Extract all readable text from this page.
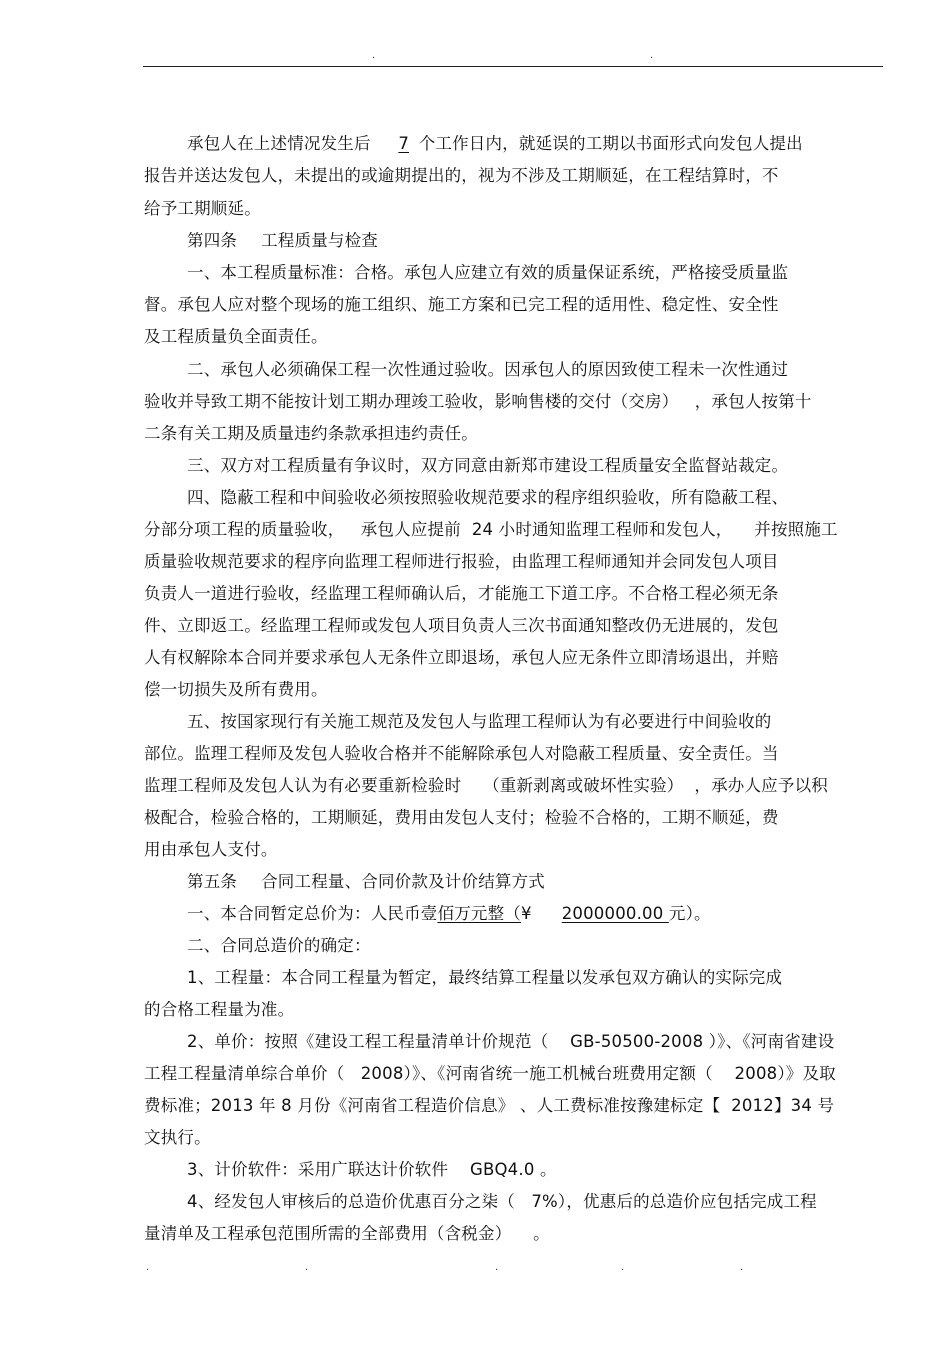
·	·
承包人在上述情况发生后 7 个工作日内，就延误的工期以书面形式向发包人提出
报告并送达发包人，未提出的或逾期提出的，视为不涉及工期顺延，在工程结算时，不
给予工期顺延。
第四条 工程质量与检查
一、本工程质量标准：合格。承包人应建立有效的质量保证系统，严格接受质量监
督。承包人应对整个现场的施工组织、施工方案和已完工程的适用性、稳定性、安全性
及工程质量负全面责任。
二、承包人必须确保工程一次性通过验收。因承包人的原因致使工程未一次性通过
验收并导致工期不能按计划工期办理竣工验收，影响售楼的交付（交房）   ，承包人按第十
二条有关工期及质量违约条款承担违约责任。
三、双方对工程质量有争议时，双方同意由新郑市建设工程质量安全监督站裁定。
四、隐蔽工程和中间验收必须按照验收规范要求的程序组织验收，所有隐蔽工程、
分部分项工程的质量验收，   承包人应提前  24 小时通知监理工程师和发包人，    并按照施工
质量验收规范要求的程序向监理工程师进行报验，由监理工程师通知并会同发包人项目
负责人一道进行验收，经监理工程师确认后，才能施工下道工序。不合格工程必须无条
件、立即返工。经监理工程师或发包人项目负责人三次书面通知整改仍无进展的，发包
人有权解除本合同并要求承包人无条件立即退场，承包人应无条件立即清场退出，并赔
偿一切损失及所有费用。
五、按国家现行有关施工规范及发包人与监理工程师认为有必要进行中间验收的
部位。监理工程师及发包人验收合格并不能解除承包人对隐蔽工程质量、安全责任。当
监理工程师及发包人认为有必要重新检验时    （重新剥离或破坏性实验）  ，承办人应予以积
极配合，检验合格的，工期顺延，费用由发包人支付；检验不合格的，工期不顺延，费
用由承包人支付。
第五条 合同工程量、合同价款及计价结算方式
一、本合同暂定总价为：人民币壹佰万元整（¥ 2000000.00 元）。
二、合同总造价的确定：
1、工程量：本合同工程量为暂定，最终结算工程量以发承包双方确认的实际完成
的合格工程量为准。
2、单价：按照《建设工程工程量清单计价规范（    GB-50500-2008 ）》、《河南省建设
工程工程量清单综合单价（   2008）》、《河南省统一施工机械台班费用定额（    2008）》及取
费标准；2013 年 8 月份《河南省工程造价信息》 、人工费标准按豫建标定【  2012】34 号
文执行。
3、计价软件：采用广联达计价软件    GBQ4.0 。
4、经发包人审核后的总造价优惠百分之柒（   7%），优惠后的总造价应包括完成工程
量清单及工程承包范围所需的全部费用（含税金）    。
·	·	·	·	·
